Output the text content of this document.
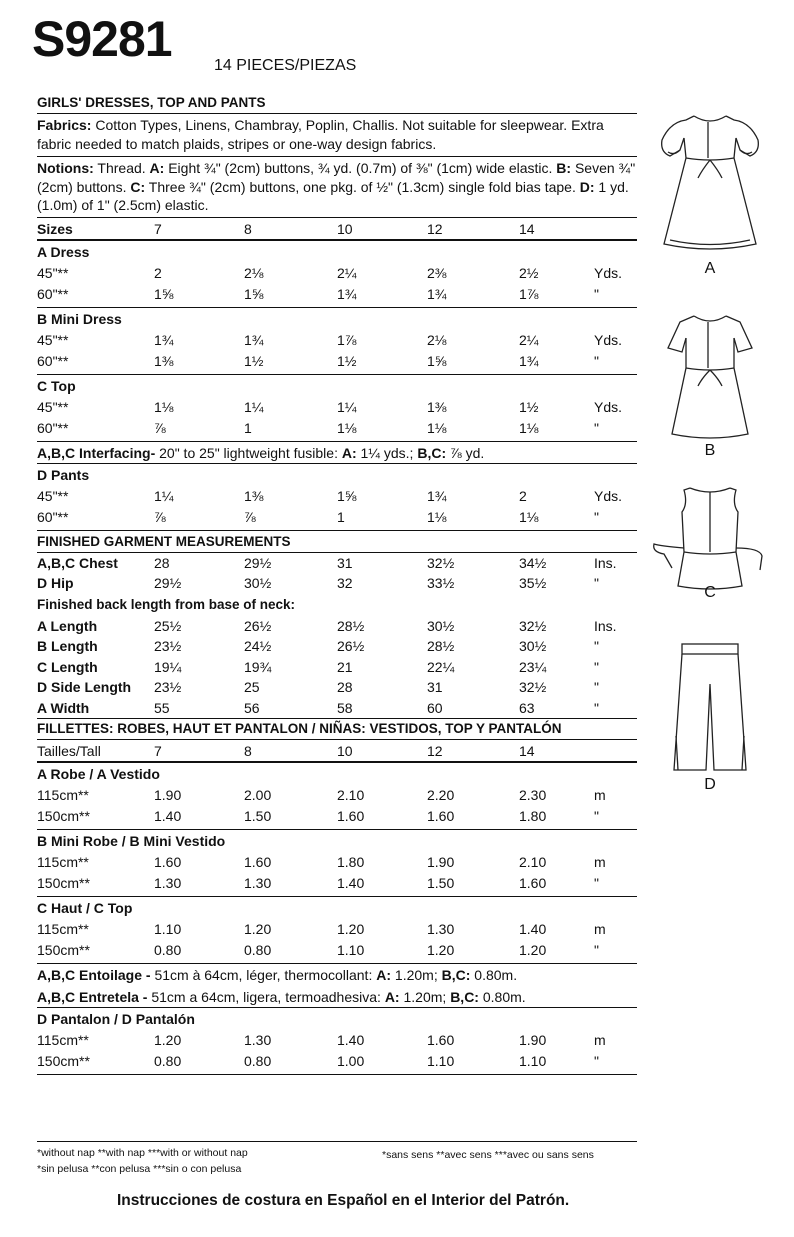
S9281	14 PIECES/PIEZAS
GIRLS' DRESSES, TOP AND PANTS
Fabrics: Cotton Types, Linens, Chambray, Poplin, Challis. Not suitable for sleepwear. Extra fabric needed to match plaids, stripes or one-way design fabrics.
Notions: Thread. A: Eight ¾" (2cm) buttons, ¾ yd. (0.7m) of ⅜" (1cm) wide elastic. B: Seven ¾" (2cm) buttons. C: Three ¾" (2cm) buttons, one pkg. of ½" (1.3cm) single fold bias tape. D: 1 yd. (1.0m) of 1" (2.5cm) elastic.
Sizes	7	8	10	12	14
A Dress
45"**	2	2⅛	2¼	2⅜	2½	Yds.
60"**	1⅝	1⅝	1¾	1¾	1⅞	"
B Mini Dress
45"**	1¾	1¾	1⅞	2⅛	2¼	Yds.
60"**	1⅜	1½	1½	1⅝	1¾	"
C Top
45"**	1⅛	1¼	1¼	1⅜	1½	Yds.
60"**	⅞	1	1⅛	1⅛	1⅛	"
A,B,C Interfacing- 20" to 25" lightweight fusible: A: 1¼ yds.; B,C: ⅞ yd.
D Pants
45"**	1¼	1⅜	1⅝	1¾	2	Yds.
60"**	⅞	⅞	1	1⅛	1⅛	"
FINISHED GARMENT MEASUREMENTS
A,B,C Chest	28	29½	31	32½	34½	Ins.
D Hip	29½	30½	32	33½	35½	"
Finished back length from base of neck:
A Length	25½	26½	28½	30½	32½	Ins.
B Length	23½	24½	26½	28½	30½	"
C Length	19¼	19¾	21	22¼	23¼	"
D Side Length 23½	25	28	31	32½	"
A Width	55	56	58	60	63	"
FILLETTES: ROBES, HAUT ET PANTALON / NIÑAS: VESTIDOS, TOP Y PANTALÓN
Tailles/Tall	7	8	10	12	14
A Robe / A Vestido
115cm**	1.90	2.00	2.10	2.20	2.30	m
150cm**	1.40	1.50	1.60	1.60	1.80	"
B Mini Robe / B Mini Vestido
115cm**	1.60	1.60	1.80	1.90	2.10	m
150cm**	1.30	1.30	1.40	1.50	1.60	"
C Haut / C Top
115cm**	1.10	1.20	1.20	1.30	1.40	m
150cm**	0.80	0.80	1.10	1.20	1.20	"
A,B,C Entoilage - 51cm à 64cm, léger, thermocollant: A: 1.20m; B,C: 0.80m.
A,B,C Entretela - 51cm a 64cm, ligera, termoadhesiva: A: 1.20m; B,C: 0.80m.
D Pantalon / D Pantalón
115cm**	1.20	1.30	1.40	1.60	1.90	m
150cm**	0.80	0.80	1.00	1.10	1.10	"
*without nap **with nap ***with or without nap	*sans sens **avec sens ***avec ou sans sens
*sin pelusa **con pelusa ***sin o con pelusa
Instrucciones de costura en Español en el Interior del Patrón.
A
B
C
D
